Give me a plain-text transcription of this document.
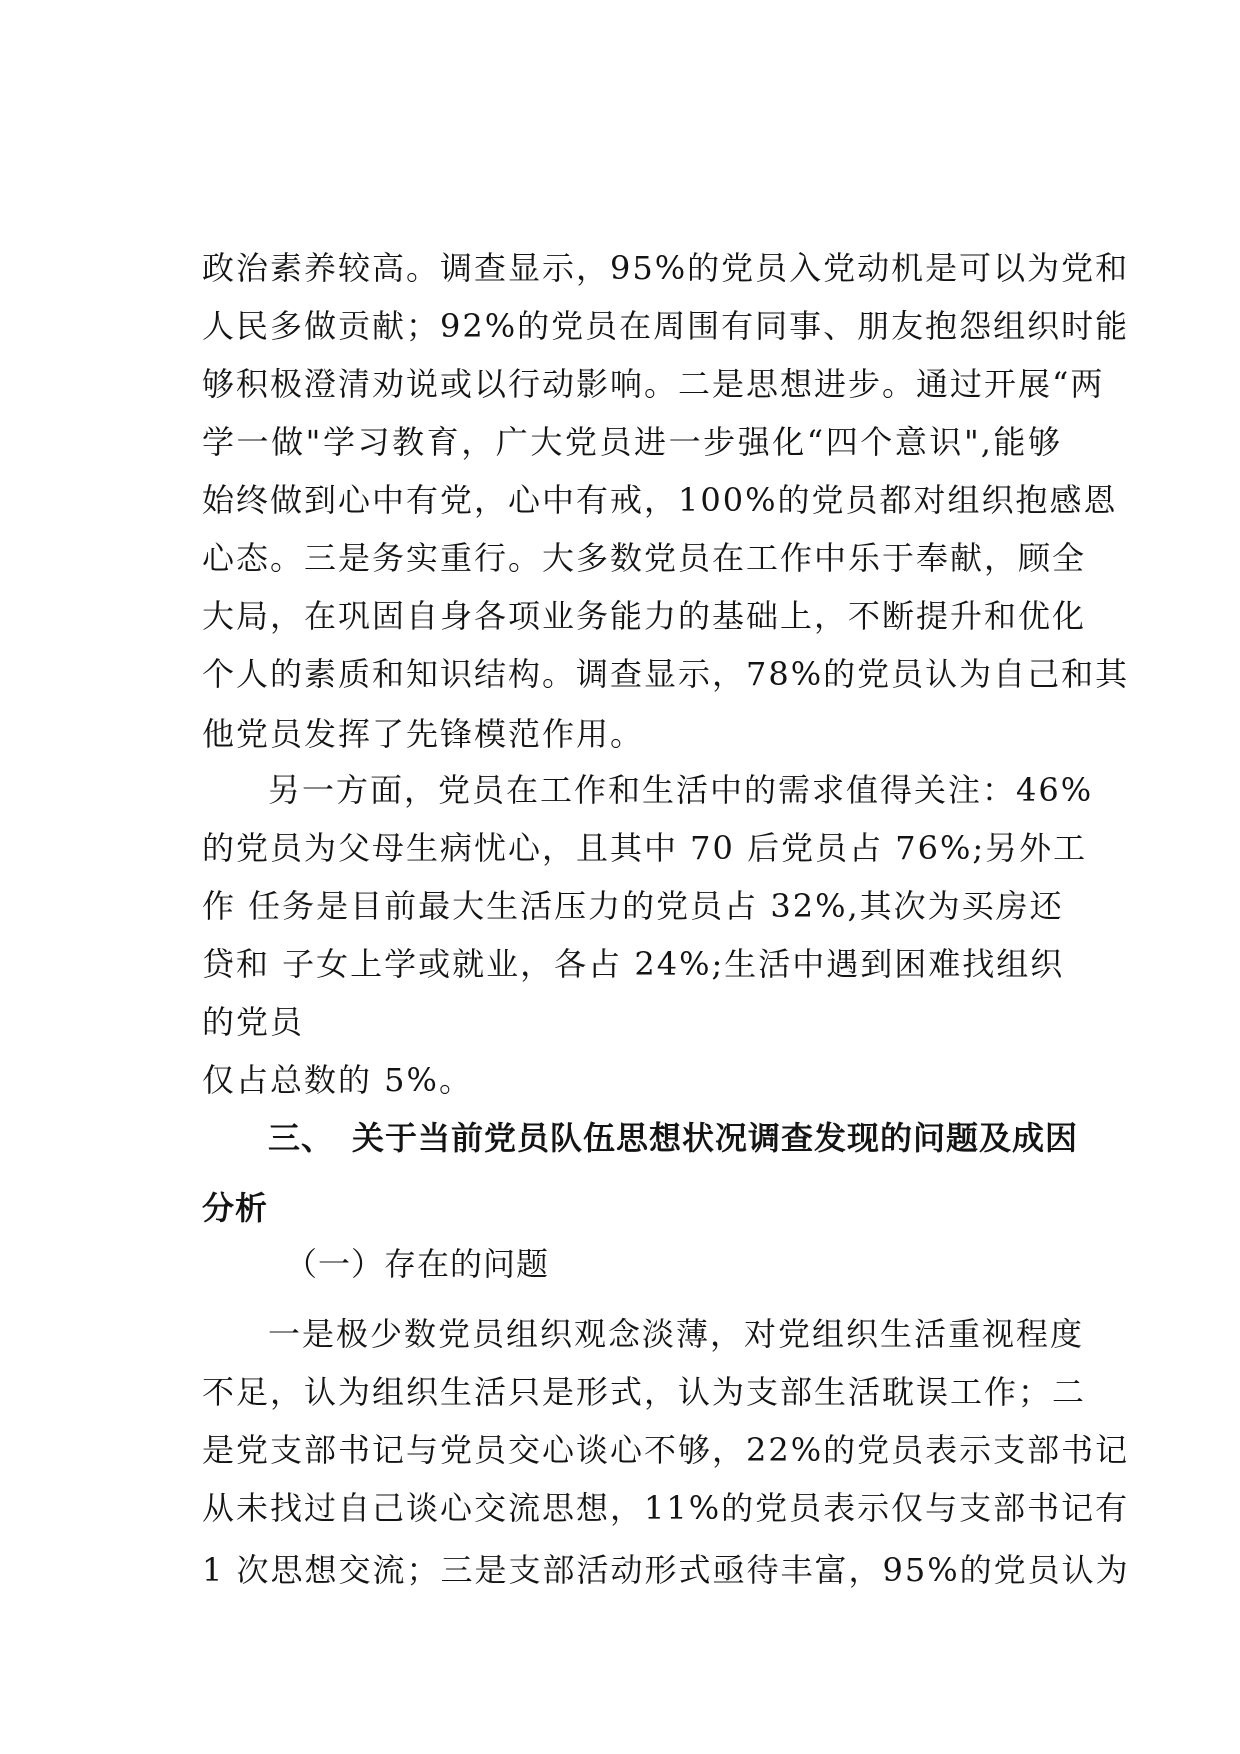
政治素养较高。调查显示，95%的党员入党动机是可以为党和
人民多做贡献；92%的党员在周围有同事、朋友抱怨组织时能
够积极澄清劝说或以行动影响。二是思想进步。通过开展“两
学一做"学习教育，广大党员进一步强化“四个意识",能够
始终做到心中有党，心中有戒，100%的党员都对组织抱感恩
心态。三是务实重行。大多数党员在工作中乐于奉献，顾全
大局，在巩固自身各项业务能力的基础上，不断提升和优化
个人的素质和知识结构。调查显示，78%的党员认为自己和其
他党员发挥了先锋模范作用。
另一方面，党员在工作和生活中的需求值得关注：46%
的党员为父母生病忧心，且其中 70 后党员占 76%;另外工
作 任务是目前最大生活压力的党员占 32%,其次为买房还
贷和 子女上学或就业，各占 24%;生活中遇到困难找组织
的党员
仅占总数的 5%。
三、 关于当前党员队伍思想状况调查发现的问题及成因
分析
（一）存在的问题
一是极少数党员组织观念淡薄，对党组织生活重视程度
不足，认为组织生活只是形式，认为支部生活耽误工作；二
是党支部书记与党员交心谈心不够，22%的党员表示支部书记
从未找过自己谈心交流思想，11%的党员表示仅与支部书记有
1 次思想交流；三是支部活动形式亟待丰富，95%的党员认为
